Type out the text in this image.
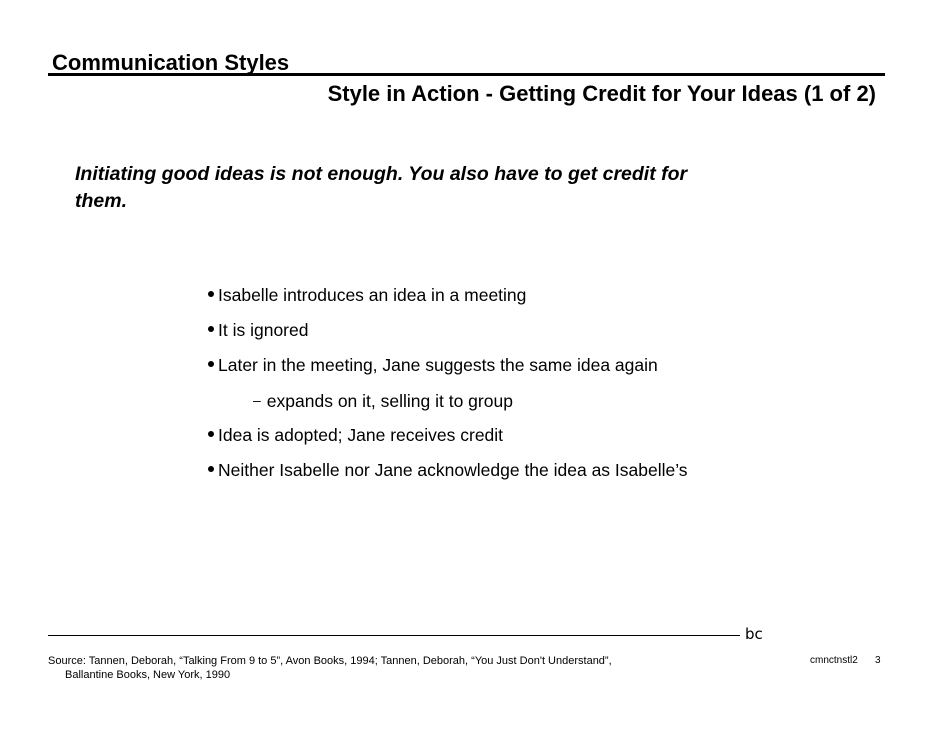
Communication Styles
Style in Action - Getting Credit for Your Ideas (1 of 2)
Initiating good ideas is not enough. You also have to get credit for them.
Isabelle introduces an idea in a meeting
It is ignored
Later in the meeting, Jane suggests the same idea again
– expands on it, selling it to group
Idea is adopted; Jane receives credit
Neither Isabelle nor Jane acknowledge the idea as Isabelle’s
bc
Source: Tannen, Deborah, “Talking From 9 to 5”, Avon Books, 1994; Tannen, Deborah, “You Just Don't Understand”,
Ballantine Books, New York, 1990
cmnctnstl2 3
